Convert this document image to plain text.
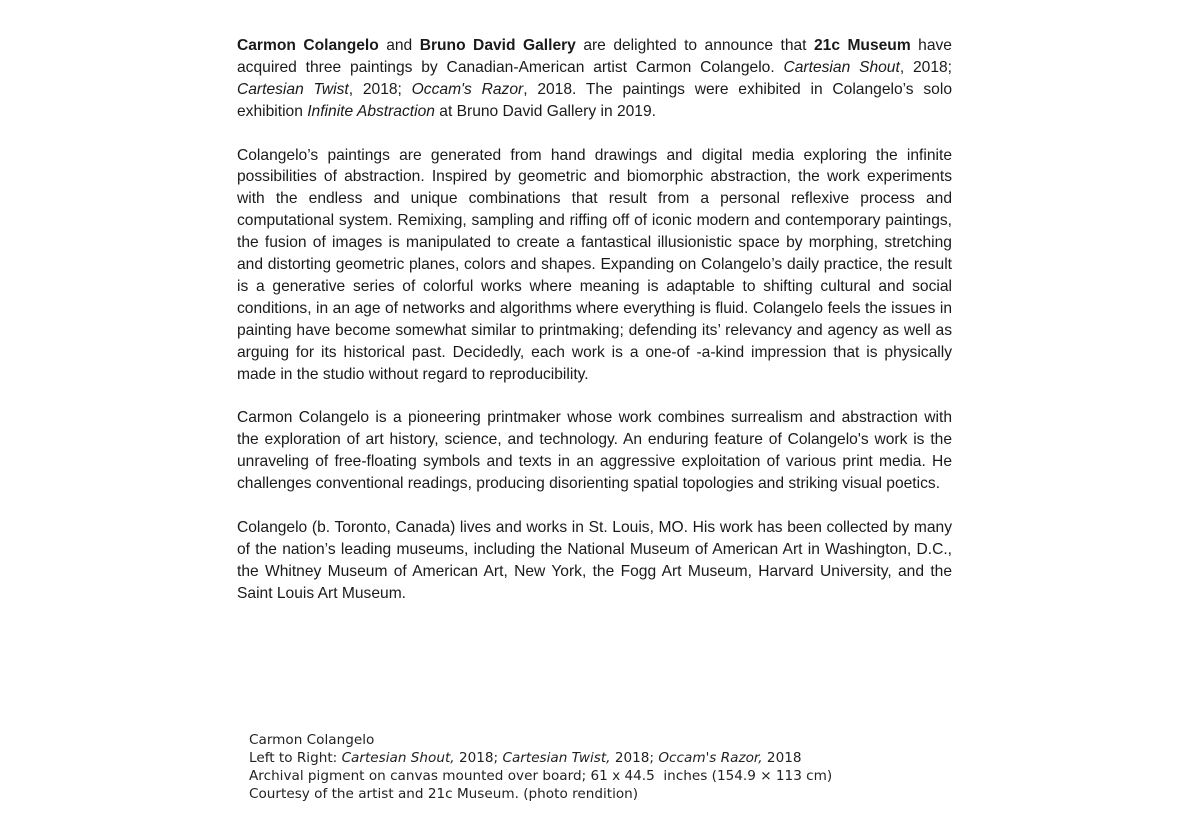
Carmon Colangelo and Bruno David Gallery are delighted to announce that 21c Museum have acquired three paintings by Canadian-American artist Carmon Colangelo. Cartesian Shout, 2018; Cartesian Twist, 2018; Occam's Razor, 2018. The paintings were exhibited in Colangelo’s solo exhibition Infinite Abstraction at Bruno David Gallery in 2019.

Colangelo’s paintings are generated from hand drawings and digital media exploring the infinite possibilities of abstraction. Inspired by geometric and biomorphic abstraction, the work experiments with the endless and unique combinations that result from a personal reflexive process and computational system. Remixing, sampling and riffing off of iconic modern and contemporary paintings, the fusion of images is manipulated to create a fantastical illusionistic space by morphing, stretching and distorting geometric planes, colors and shapes. Expanding on Colangelo’s daily practice, the result is a generative series of colorful works where meaning is adaptable to shifting cultural and social conditions, in an age of networks and algorithms where everything is fluid. Colangelo feels the issues in painting have become somewhat similar to printmaking; defending its’ relevancy and agency as well as arguing for its historical past. Decidedly, each work is a one-of -a-kind impression that is physically made in the studio without regard to reproducibility.

Carmon Colangelo is a pioneering printmaker whose work combines surrealism and abstraction with the exploration of art history, science, and technology. An enduring feature of Colangelo's work is the unraveling of free-floating symbols and texts in an aggressive exploitation of various print media. He challenges conventional readings, producing disorienting spatial topologies and striking visual poetics.

Colangelo (b. Toronto, Canada) lives and works in St. Louis, MO. His work has been collected by many of the nation’s leading museums, including the National Museum of American Art in Washington, D.C., the Whitney Museum of American Art, New York, the Fogg Art Museum, Harvard University, and the Saint Louis Art Museum.

Carmon Colangelo
Left to Right: Cartesian Shout, 2018; Cartesian Twist, 2018; Occam's Razor, 2018
Archival pigment on canvas mounted over board; 61 x 44.5  inches (154.9 × 113 cm)
Courtesy of the artist and 21c Museum. (photo rendition)
